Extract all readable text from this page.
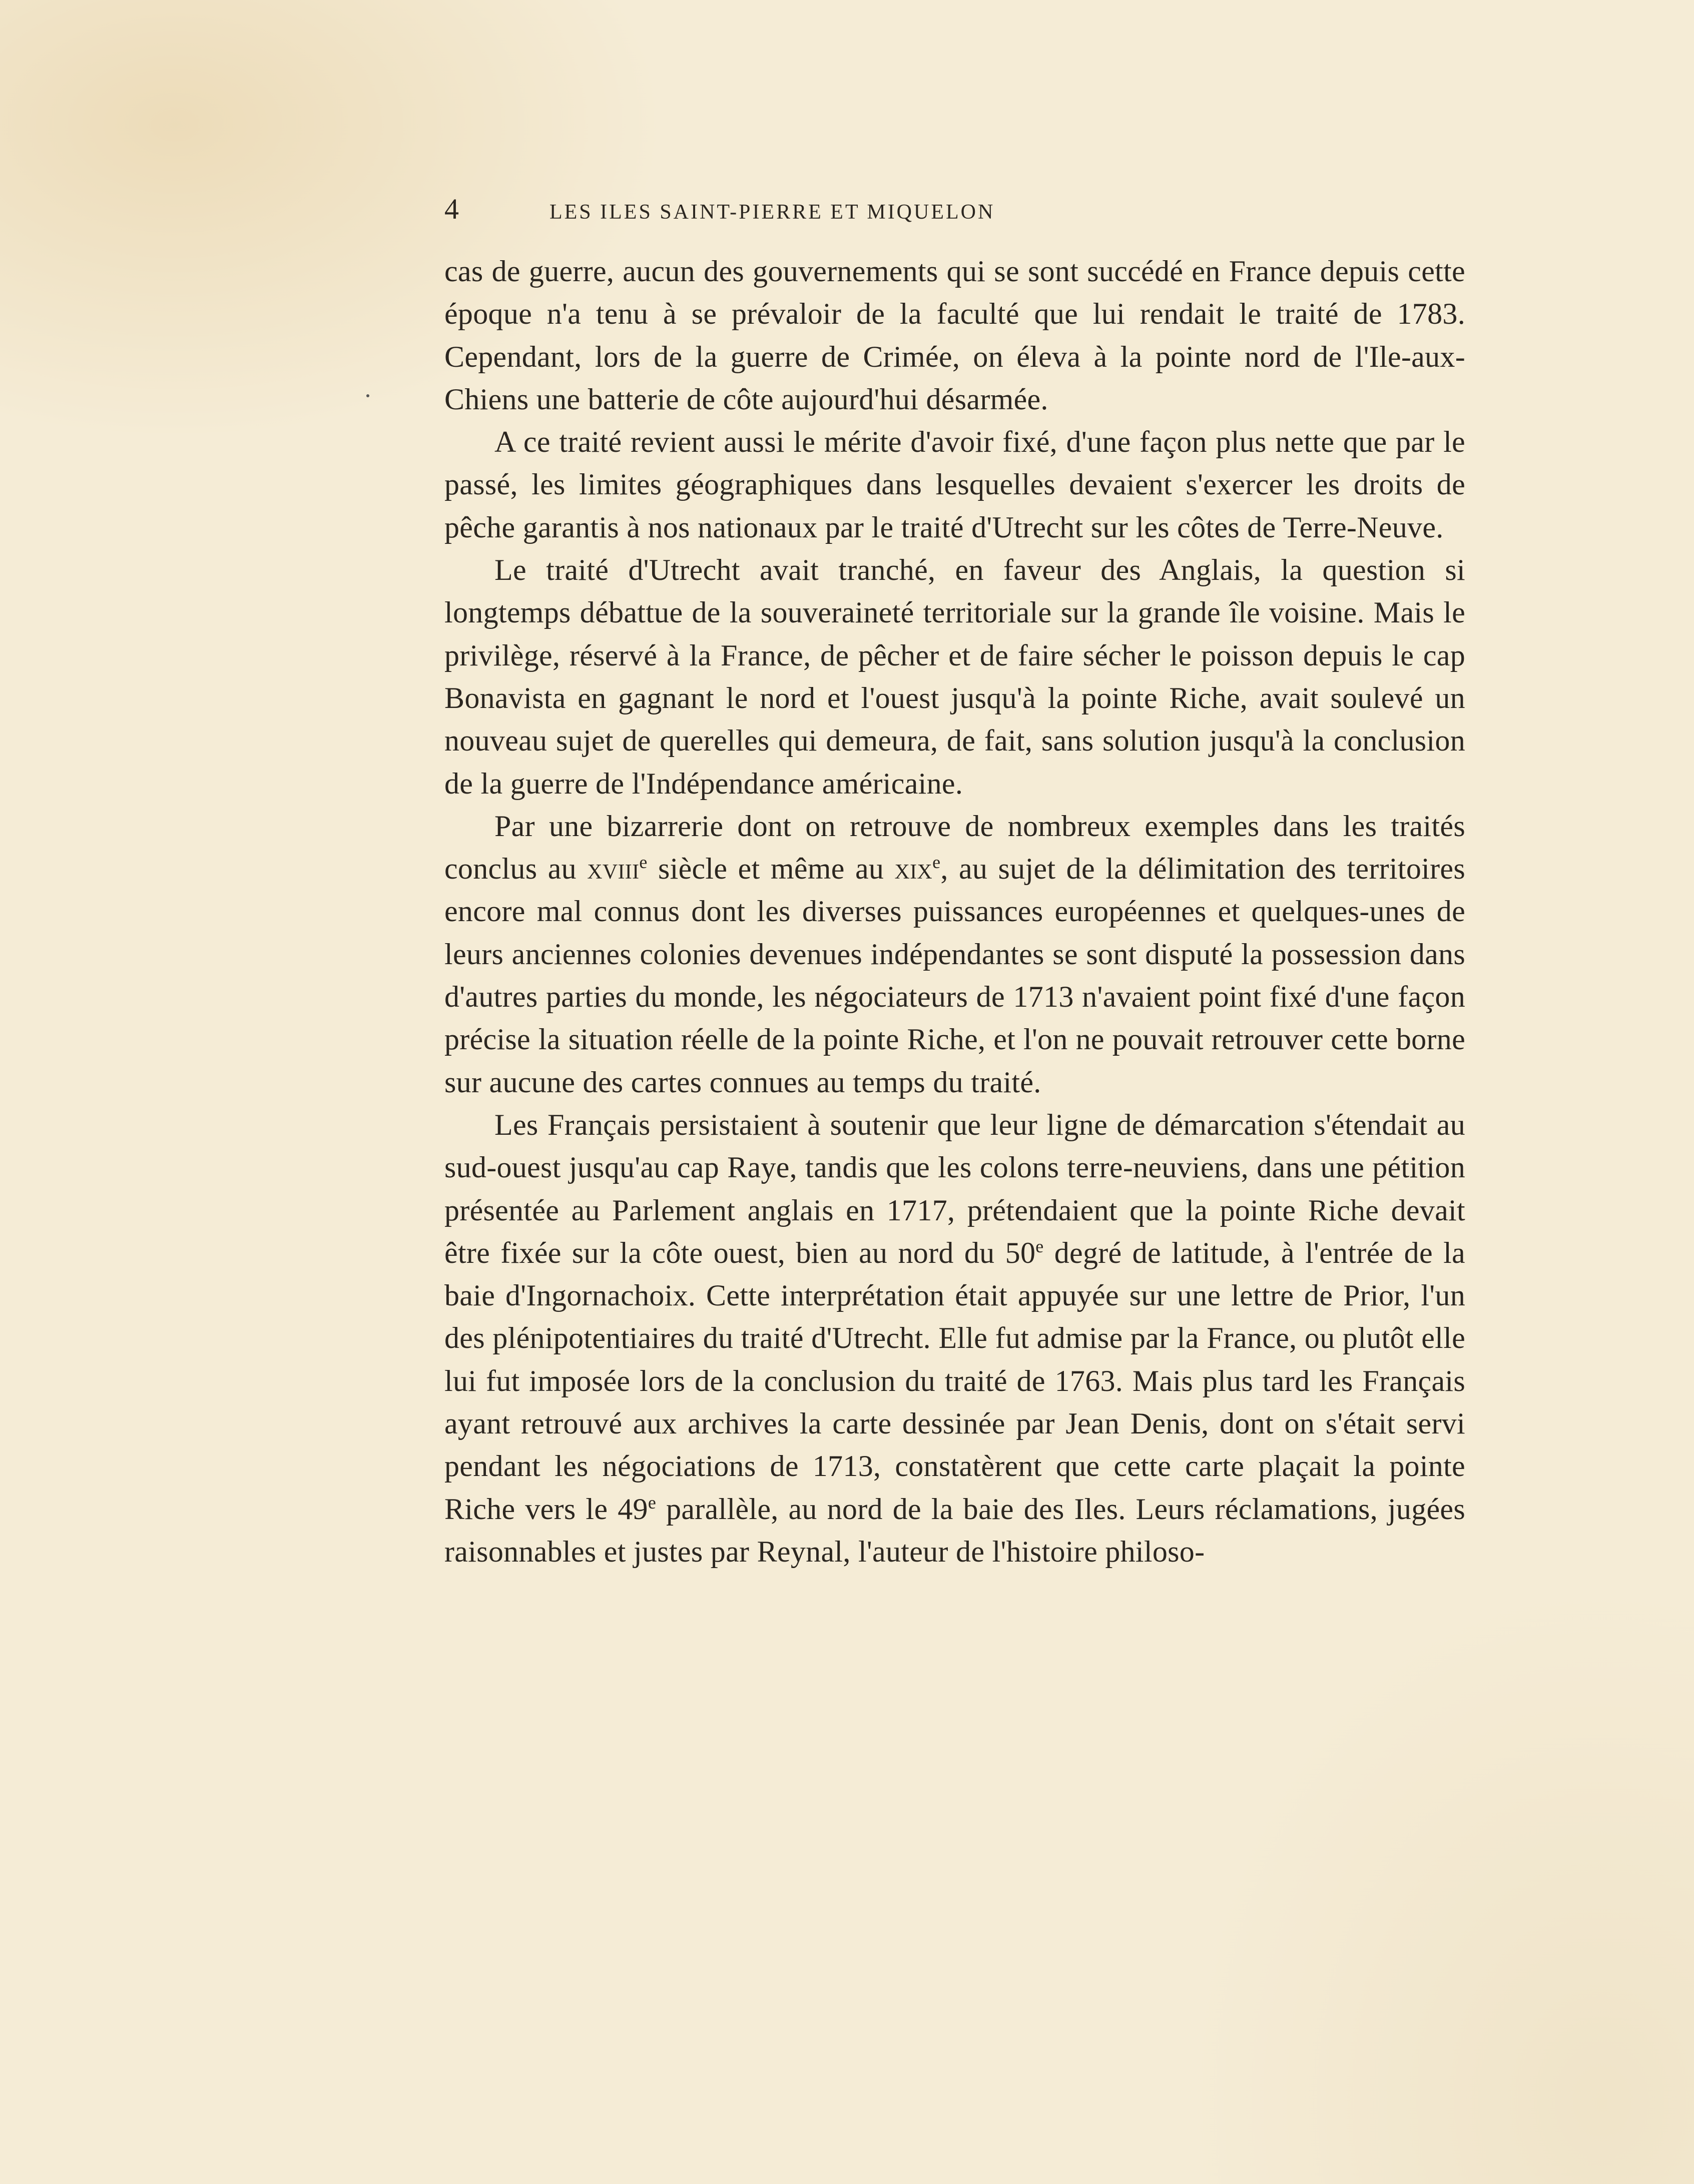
4	LES ILES SAINT-PIERRE ET MIQUELON

cas de guerre, aucun des gouvernements qui se sont succédé en France depuis cette époque n'a tenu à se prévaloir de la faculté que lui rendait le traité de 1783. Cependant, lors de la guerre de Crimée, on éleva à la pointe nord de l'Ile-aux-Chiens une batterie de côte aujourd'hui désarmée.

A ce traité revient aussi le mérite d'avoir fixé, d'une façon plus nette que par le passé, les limites géographiques dans lesquelles devaient s'exercer les droits de pêche garantis à nos nationaux par le traité d'Utrecht sur les côtes de Terre-Neuve.

Le traité d'Utrecht avait tranché, en faveur des Anglais, la question si longtemps débattue de la souveraineté territoriale sur la grande île voisine. Mais le privilège, réservé à la France, de pêcher et de faire sécher le poisson depuis le cap Bonavista en gagnant le nord et l'ouest jusqu'à la pointe Riche, avait soulevé un nouveau sujet de querelles qui demeura, de fait, sans solution jusqu'à la conclusion de la guerre de l'Indépendance américaine.

Par une bizarrerie dont on retrouve de nombreux exemples dans les traités conclus au xviii$^e$ siècle et même au xix$^e$, au sujet de la délimitation des territoires encore mal connus dont les diverses puissances européennes et quelques-unes de leurs anciennes colonies devenues indépendantes se sont disputé la possession dans d'autres parties du monde, les négociateurs de 1713 n'avaient point fixé d'une façon précise la situation réelle de la pointe Riche, et l'on ne pouvait retrouver cette borne sur aucune des cartes connues au temps du traité.

Les Français persistaient à soutenir que leur ligne de démarcation s'étendait au sud-ouest jusqu'au cap Raye, tandis que les colons terre-neuviens, dans une pétition présentée au Parlement anglais en 1717, prétendaient que la pointe Riche devait être fixée sur la côte ouest, bien au nord du 50e degré de latitude, à l'entrée de la baie d'Ingornachoix. Cette interprétation était appuyée sur une lettre de Prior, l'un des plénipotentiaires du traité d'Utrecht. Elle fut admise par la France, ou plutôt elle lui fut imposée lors de la conclusion du traité de 1763. Mais plus tard les Français ayant retrouvé aux archives la carte dessinée par Jean Denis, dont on s'était servi pendant les négociations de 1713, constatèrent que cette carte plaçait la pointe Riche vers le 49e parallèle, au nord de la baie des Iles. Leurs réclamations, jugées raisonnables et justes par Reynal, l'auteur de l'histoire philoso-
